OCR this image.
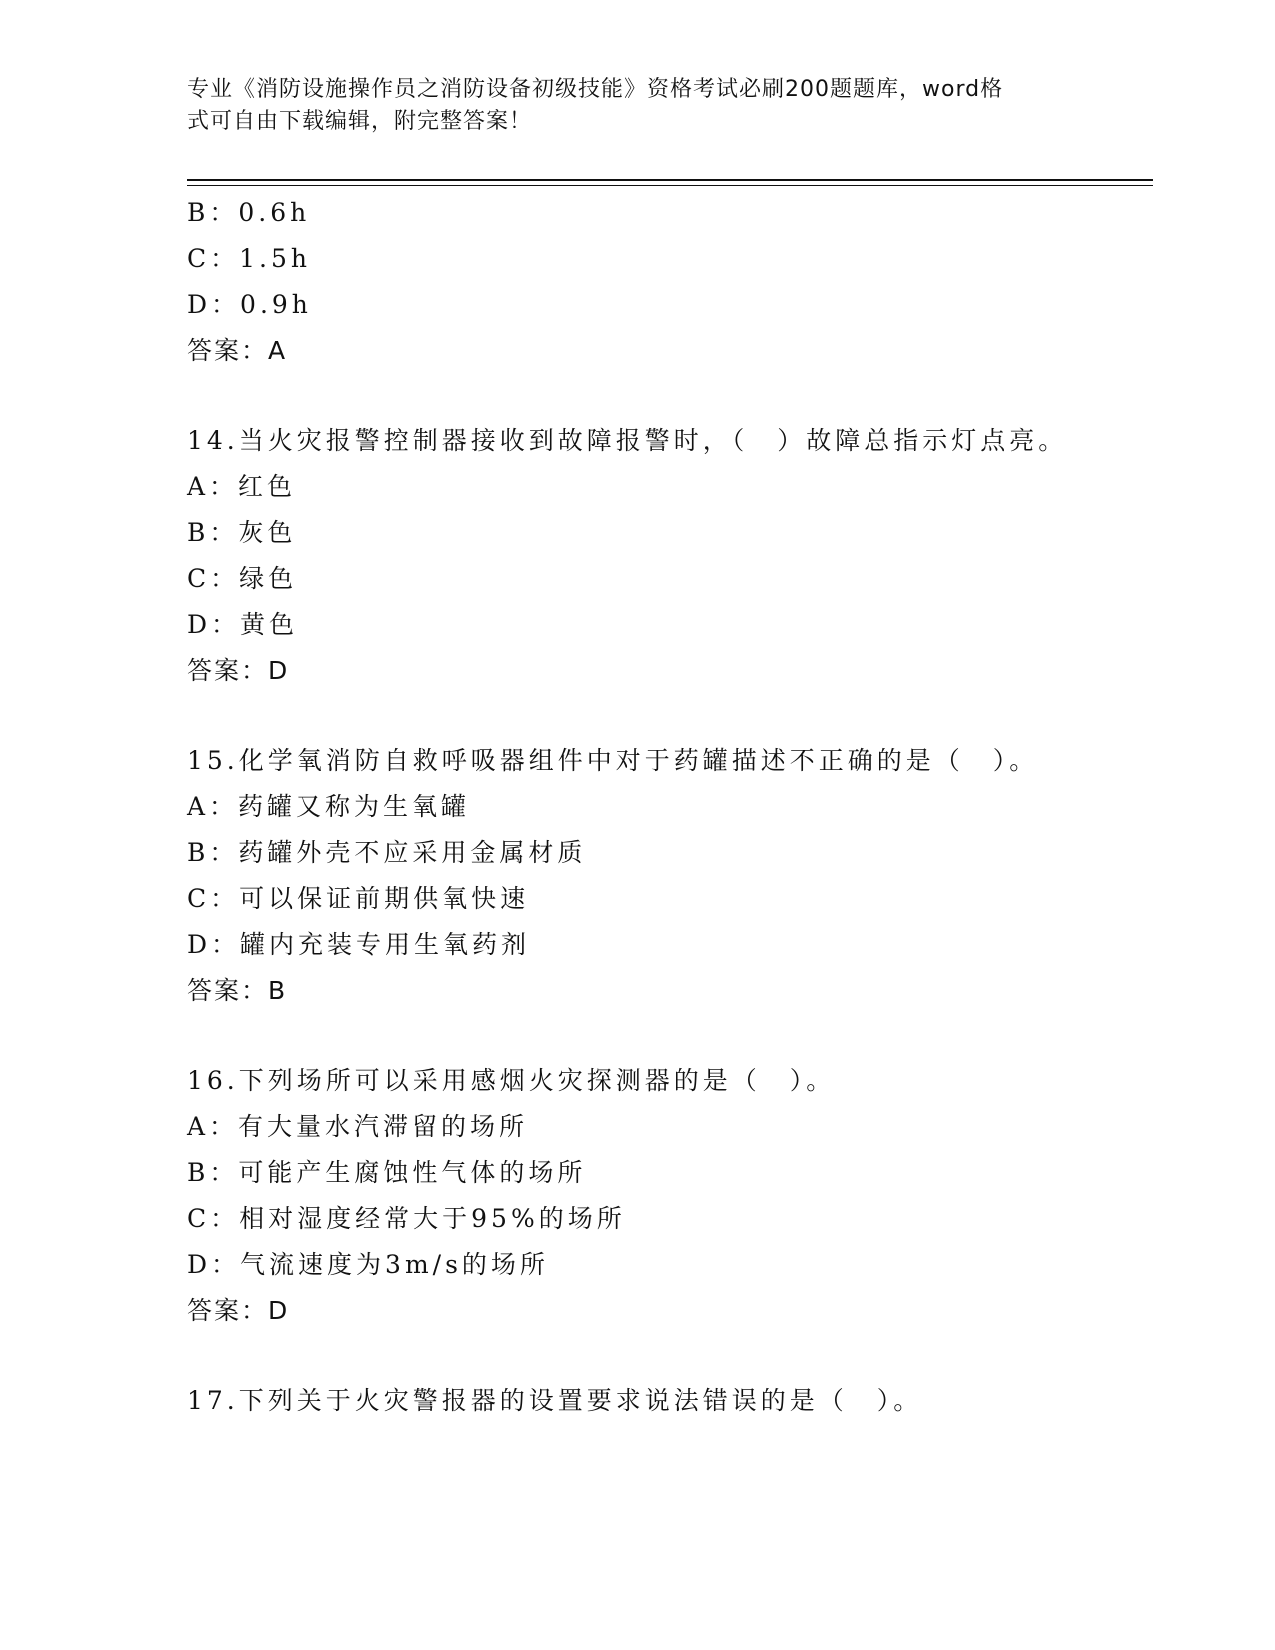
专业《消防设施操作员之消防设备初级技能》资格考试必刷200题题库，word格
式可自由下载编辑，附完整答案！
B：0.6h
C：1.5h
D：0.9h
答案：A
14.当火灾报警控制器接收到故障报警时，（　）故障总指示灯点亮。
A：红色
B：灰色
C：绿色
D：黄色
答案：D
15.化学氧消防自救呼吸器组件中对于药罐描述不正确的是（　）。
A：药罐又称为生氧罐
B：药罐外壳不应采用金属材质
C：可以保证前期供氧快速
D：罐内充装专用生氧药剂
答案：B
16.下列场所可以采用感烟火灾探测器的是（　）。
A：有大量水汽滞留的场所
B：可能产生腐蚀性气体的场所
C：相对湿度经常大于95%的场所
D：气流速度为3m/s的场所
答案：D
17.下列关于火灾警报器的设置要求说法错误的是（　）。
